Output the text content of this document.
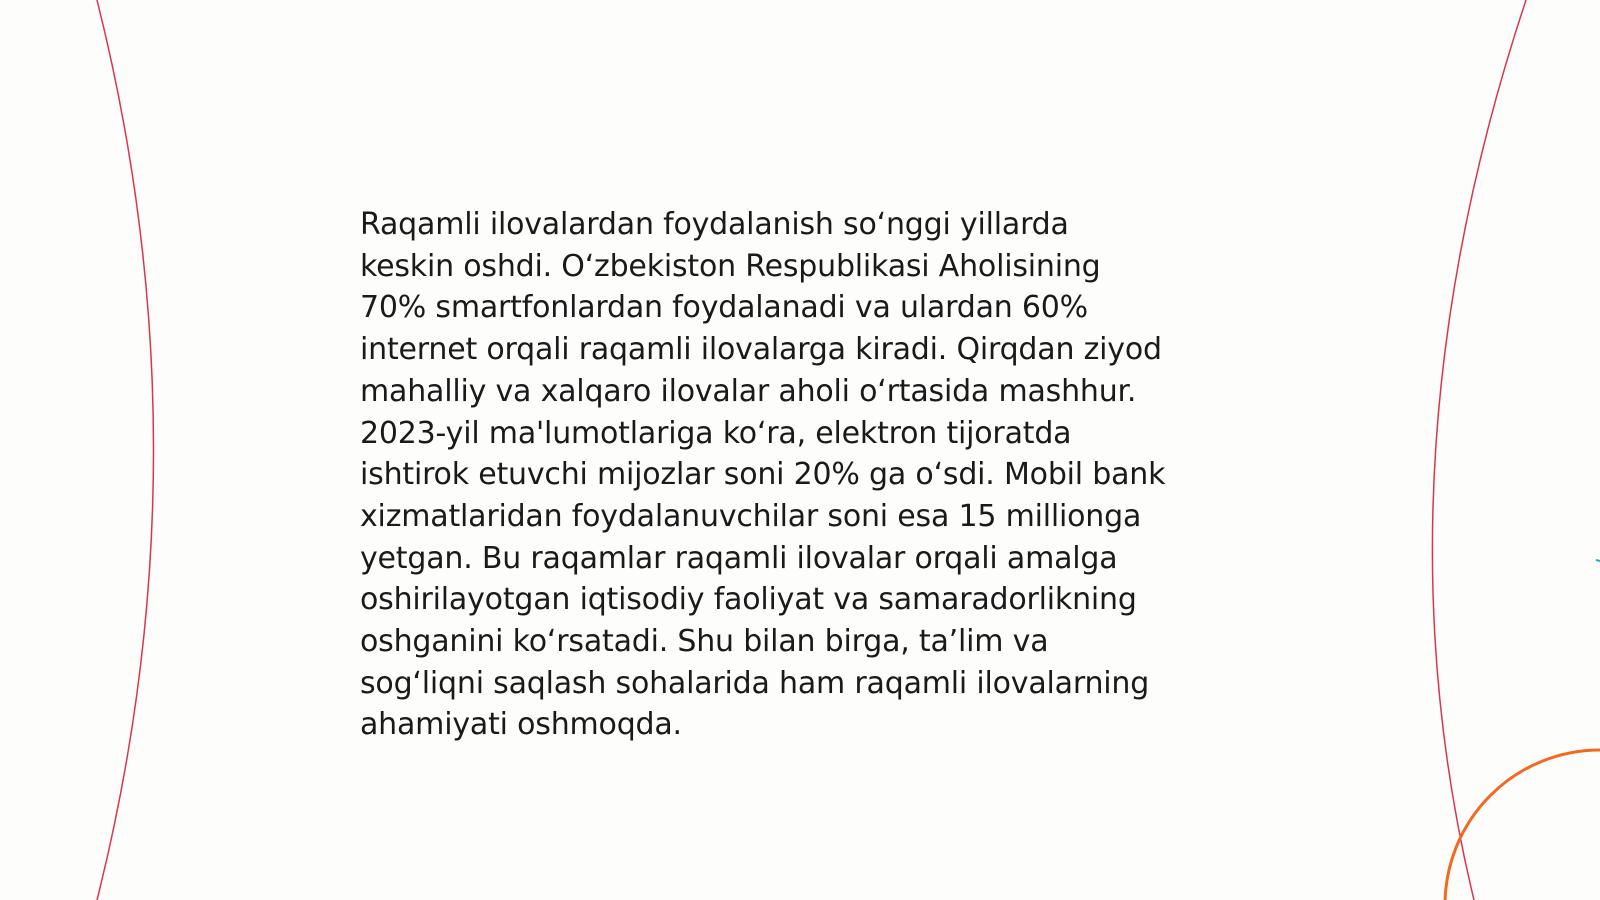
Raqamli ilovalardan foydalanish so‘nggi yillarda
keskin oshdi. O‘zbekiston Respublikasi Aholisining
70% smartfonlardan foydalanadi va ulardan 60%
internet orqali raqamli ilovalarga kiradi. Qirqdan ziyod
mahalliy va xalqaro ilovalar aholi o‘rtasida mashhur.
2023-yil ma'lumotlariga ko‘ra, elektron tijoratda
ishtirok etuvchi mijozlar soni 20% ga o‘sdi. Mobil bank
xizmatlaridan foydalanuvchilar soni esa 15 millionga
yetgan. Bu raqamlar raqamli ilovalar orqali amalga
oshirilayotgan iqtisodiy faoliyat va samaradorlikning
oshganini ko‘rsatadi. Shu bilan birga, ta’lim va
sog‘liqni saqlash sohalarida ham raqamli ilovalarning
ahamiyati oshmoqda.
